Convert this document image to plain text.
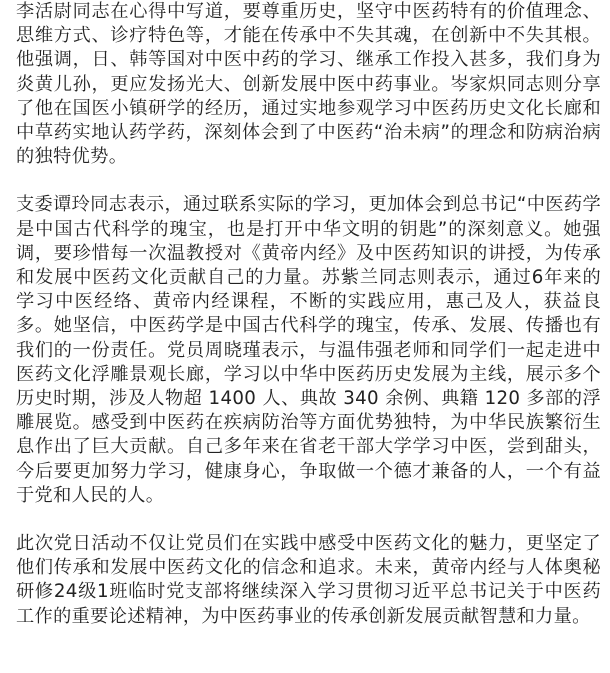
李活尉同志在心得中写道，要尊重历史，坚守中医药特有的价值理念、思维方式、诊疗特色等，才能在传承中不失其魂，在创新中不失其根。他强调，日、韩等国对中医中药的学习、继承工作投入甚多，我们身为炎黄儿孙，更应发扬光大、创新发展中医中药事业。岑家炽同志则分享了他在国医小镇研学的经历，通过实地参观学习中医药历史文化长廊和中草药实地认药学药，深刻体会到了中医药“治未病”的理念和防病治病的独特优势。

支委谭玲同志表示，通过联系实际的学习，更加体会到总书记“中医药学是中国古代科学的瑰宝，也是打开中华文明的钥匙”的深刻意义。她强调，要珍惜每一次温教授对《黄帝内经》及中医药知识的讲授，为传承和发展中医药文化贡献自己的力量。苏紫兰同志则表示，通过6年来的学习中医经络、黄帝内经课程，不断的实践应用，惠己及人，获益良多。她坚信，中医药学是中国古代科学的瑰宝，传承、发展、传播也有我们的一份责任。党员周晓瑾表示，与温伟强老师和同学们一起走进中医药文化浮雕景观长廊，学习以中华中医药历史发展为主线，展示多个历史时期，涉及人物超 1400 人、典故 340 余例、典籍 120 多部的浮雕展览。感受到中医药在疾病防治等方面优势独特，为中华民族繁衍生息作出了巨大贡献。自己多年来在省老干部大学学习中医，尝到甜头，今后要更加努力学习，健康身心，争取做一个德才兼备的人，一个有益于党和人民的人。

此次党日活动不仅让党员们在实践中感受中医药文化的魅力，更坚定了他们传承和发展中医药文化的信念和追求。未来，黄帝内经与人体奥秘研修24级1班临时党支部将继续深入学习贯彻习近平总书记关于中医药工作的重要论述精神，为中医药事业的传承创新发展贡献智慧和力量。
